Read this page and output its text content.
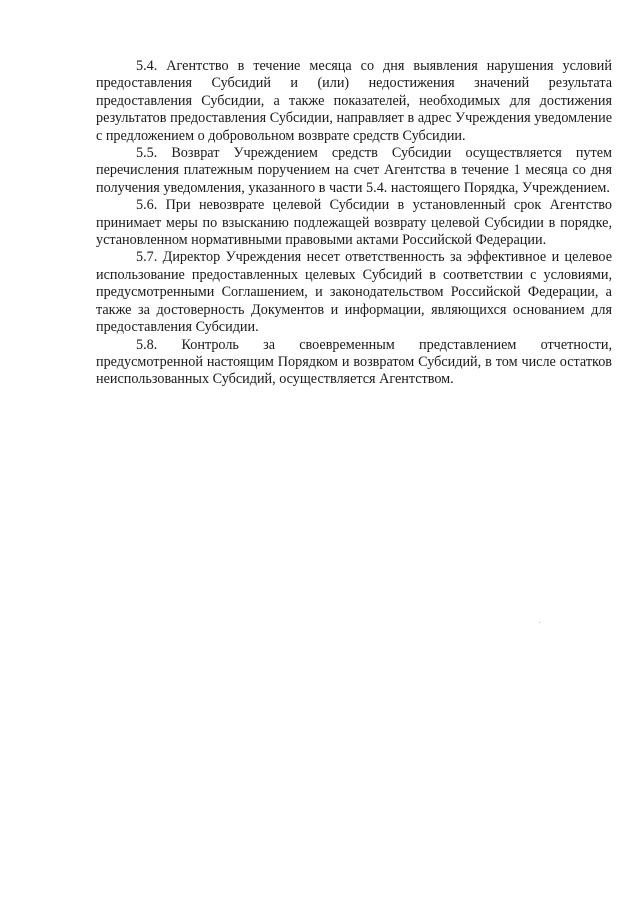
5.4. Агентство в течение месяца со дня выявления нарушения условий предоставления Субсидий и (или) недостижения значений результата предоставления Субсидии, а также показателей, необходимых для достижения результатов предоставления Субсидии, направляет в адрес Учреждения уведомление с предложением о добровольном возврате средств Субсидии.

5.5. Возврат Учреждением средств Субсидии осуществляется путем перечисления платежным поручением на счет Агентства в течение 1 месяца со дня получения уведомления, указанного в части 5.4. настоящего Порядка, Учреждением.

5.6. При невозврате целевой Субсидии в установленный срок Агентство принимает меры по взысканию подлежащей возврату целевой Субсидии в порядке, установленном нормативными правовыми актами Российской Федерации.

5.7. Директор Учреждения несет ответственность за эффективное и целевое использование предоставленных целевых Субсидий в соответствии с условиями, предусмотренными Соглашением, и законодательством Российской Федерации, а также за достоверность Документов и информации, являющихся основанием для предоставления Субсидии.

5.8. Контроль за своевременным представлением отчетности, предусмотренной настоящим Порядком и возвратом Субсидий, в том числе остатков неиспользованных Субсидий, осуществляется Агентством.
